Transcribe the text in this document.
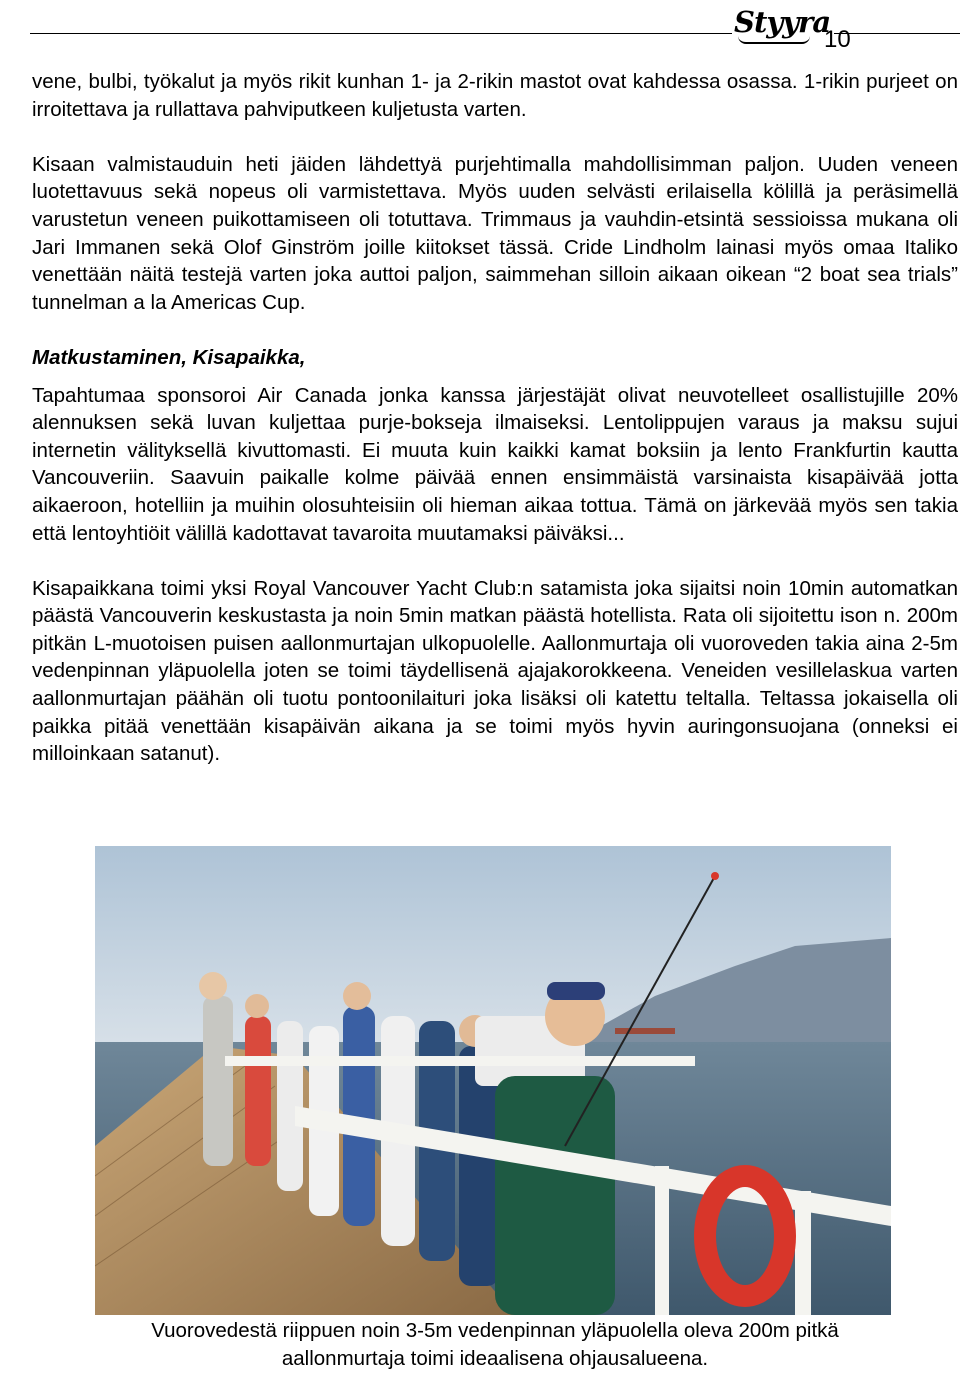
Styyra
10

vene, bulbi, työkalut ja myös rikit kunhan 1- ja 2-rikin mastot ovat kahdessa osassa. 1-rikin purjeet on irroitettava ja rullattava pahviputkeen kuljetusta varten.

Kisaan valmistauduin heti jäiden lähdettyä purjehtimalla mahdollisimman paljon. Uuden veneen luotettavuus sekä nopeus oli varmistettava. Myös uuden selvästi erilaisella kölillä ja peräsimellä varustetun veneen puikottamiseen oli totuttava. Trimmaus ja vauhdin-etsintä sessioissa mukana oli Jari Immanen sekä Olof Ginström joille kiitokset tässä. Cride Lindholm lainasi myös omaa Italiko venettään näitä testejä varten joka auttoi paljon, saimmehan silloin aikaan oikean “2 boat sea trials” tunnelman a la Americas Cup.

Matkustaminen, Kisapaikka,

Tapahtumaa sponsoroi Air Canada jonka kanssa järjestäjät olivat neuvotelleet osallistujille 20% alennuksen sekä luvan kuljettaa purje-bokseja ilmaiseksi. Lentolippujen varaus ja maksu sujui internetin välityksellä kivuttomasti. Ei muuta kuin kaikki kamat boksiin ja lento Frankfurtin kautta Vancouveriin. Saavuin paikalle kolme päivää ennen ensimmäistä varsinaista kisapäivää jotta aikaeroon, hotelliin ja muihin olosuhteisiin oli hieman aikaa tottua. Tämä on järkevää myös sen takia että lentoyhtiöit välillä kadottavat tavaroita muutamaksi päiväksi...

Kisapaikkana toimi yksi Royal Vancouver Yacht Club:n satamista joka sijaitsi noin 10min automatkan päästä Vancouverin keskustasta ja noin 5min matkan päästä hotellista. Rata oli sijoitettu ison n. 200m pitkän L-muotoisen puisen aallonmurtajan ulkopuolelle. Aallonmurtaja oli vuoroveden takia aina 2-5m vedenpinnan yläpuolella joten se toimi täydellisenä ajajakorokkeena. Veneiden vesillelaskua varten aallonmurtajan päähän oli tuotu pontoonilaituri joka lisäksi oli katettu teltalla. Teltassa jokaisella oli paikka pitää venettään kisapäivän aikana ja se toimi myös hyvin auringonsuojana (onneksi ei milloinkaan satanut).

Vuorovedestä riippuen noin 3-5m vedenpinnan yläpuolella oleva 200m pitkä
aallonmurtaja toimi ideaalisena ohjausalueena.
